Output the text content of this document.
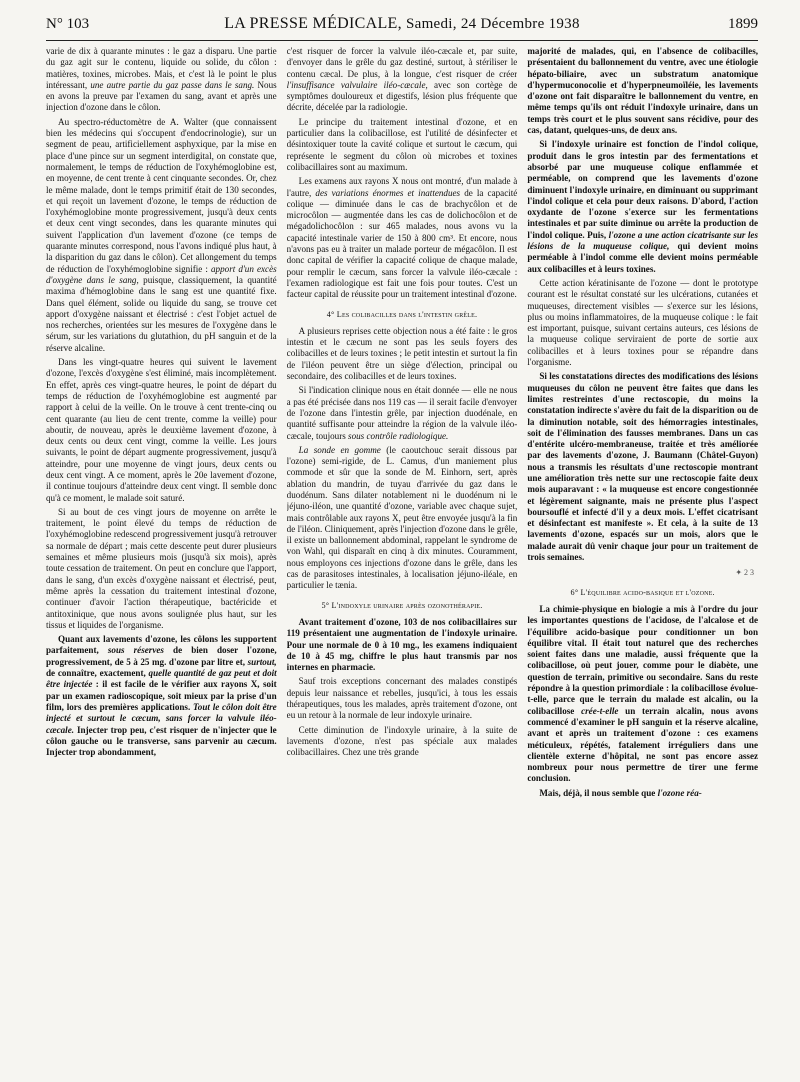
N° 103	LA PRESSE MÉDICALE, Samedi, 24 Décembre 1938	1899

varie de dix à quarante minutes : le gaz a disparu. Une partie du gaz agit sur le contenu, liquide ou solide, du côlon : matières, toxines, microbes. Mais, et c'est là le point le plus intéressant, une autre partie du gaz passe dans le sang. Nous en avons la preuve par l'examen du sang, avant et après une injection d'ozone dans le côlon.

Au spectro-réductomètre de A. Walter (que connaissent bien les médecins qui s'occupent d'endocrinologie), sur un segment de peau, artificiellement asphyxique, par la mise en place d'une pince sur un segment interdigital, on constate que, normalement, le temps de réduction de l'oxyhémoglobine est, en moyenne, de cent trente à cent cinquante secondes. Or, chez le même malade, dont le temps primitif était de 130 secondes, et qui reçoit un lavement d'ozone, le temps de réduction de l'oxyhémoglobine monte progressivement, jusqu'à deux cents et deux cent vingt secondes, dans les quarante minutes qui suivent l'application d'un lavement d'ozone (ce temps de quarante minutes correspond, nous l'avons indiqué plus haut, à la disparition du gaz dans le côlon). Cet allongement du temps de réduction de l'oxyhémoglobine signifie : apport d'un excès d'oxygène dans le sang, puisque, classiquement, la quantité maxima d'hémoglobine dans le sang est une quantité fixe. Dans quel élément, solide ou liquide du sang, se trouve cet apport d'oxygène naissant et électrisé : c'est l'objet actuel de nos recherches, orientées sur les mesures de l'oxygène dans le sérum, sur les variations du glutathion, du pH sanguin et de la réserve alcaline.

Dans les vingt-quatre heures qui suivent le lavement d'ozone, l'excès d'oxygène s'est éliminé, mais incomplètement. En effet, après ces vingt-quatre heures, le point de départ du temps de réduction de l'oxyhémoglobine est augmenté par rapport à celui de la veille. On le trouve à cent trente-cinq ou cent quarante (au lieu de cent trente, comme la veille) pour aboutir, de nouveau, après le deuxième lavement d'ozone, à deux cents ou deux cent vingt, comme la veille. Les jours suivants, le point de départ augmente progressivement, jusqu'à atteindre, pour une moyenne de vingt jours, deux cents ou deux cent vingt. A ce moment, après le 20e lavement d'ozone, il continue toujours d'atteindre deux cent vingt. Il semble donc qu'à ce moment, le malade soit saturé.

Si au bout de ces vingt jours de moyenne on arrête le traitement, le point élevé du temps de réduction de l'oxyhémoglobine redescend progressivement jusqu'à retrouver sa normale de départ ; mais cette descente peut durer plusieurs semaines et même plusieurs mois (jusqu'à six mois), après toute cessation de traitement. On peut en conclure que l'apport, dans le sang, d'un excès d'oxygène naissant et électrisé, peut, même après la cessation du traitement intestinal d'ozone, continuer d'avoir l'action thérapeutique, bactéricide et antitoxinique, que nous avons soulignée plus haut, sur les tissus et liquides de l'organisme.

Quant aux lavements d'ozone, les côlons les supportent parfaitement, sous réserves de bien doser l'ozone, progressivement, de 5 à 25 mg. d'ozone par litre et, surtout, de connaître, exactement, quelle quantité de gaz peut et doit être injectée : il est facile de le vérifier aux rayons X, soit par un examen radioscopique, soit mieux par la prise d'un film, lors des premières applications. Tout le côlon doit être injecté et surtout le cæcum, sans forcer la valvule iléo-cæcale. Injecter trop peu, c'est risquer de n'injecter que le côlon gauche ou le transverse, sans parvenir au cæcum. Injecter trop abondamment,

c'est risquer de forcer la valvule iléo-cæcale et, par suite, d'envoyer dans le grêle du gaz destiné, surtout, à stériliser le contenu cæcal. De plus, à la longue, c'est risquer de créer l'insuffisance valvulaire iléo-cæcale, avec son cortège de symptômes douloureux et digestifs, lésion plus fréquente que décrite, décelée par la radiologie.

Le principe du traitement intestinal d'ozone, et en particulier dans la colibacillose, est l'utilité de désinfecter et désintoxiquer toute la cavité colique et surtout le cæcum, qui représente le segment du côlon où microbes et toxines colibacillaires sont au maximum.

Les examens aux rayons X nous ont montré, d'un malade à l'autre, des variations énormes et inattendues de la capacité colique — diminuée dans le cas de brachycôlon et de microcôlon — augmentée dans les cas de dolichocôlon et de mégadolichocôlon : sur 465 malades, nous avons vu la capacité intestinale varier de 150 à 800 cm³. Et encore, nous n'avons pas eu à traiter un malade porteur de mégacôlon. Il est donc capital de vérifier la capacité colique de chaque malade, pour remplir le cæcum, sans forcer la valvule iléo-cæcale : l'examen radiologique est fait une fois pour toutes. C'est un facteur capital de réussite pour un traitement intestinal d'ozone.

4° Les colibacilles dans l'intestin grêle.

A plusieurs reprises cette objection nous a été faite : le gros intestin et le cæcum ne sont pas les seuls foyers des colibacilles et de leurs toxines ; le petit intestin et surtout la fin de l'iléon peuvent être un siège d'élection, principal ou secondaire, des colibacilles et de leurs toxines.

Si l'indication clinique nous en était donnée — elle ne nous a pas été précisée dans nos 119 cas — il serait facile d'envoyer de l'ozone dans l'intestin grêle, par injection duodénale, en quantité suffisante pour atteindre la région de la valvule iléo-cæcale, toujours sous contrôle radiologique.

La sonde en gomme (le caoutchouc serait dissous par l'ozone) semi-rigide, de L. Camus, d'un maniement plus commode et sûr que la sonde de M. Einhorn, sert, après ablation du mandrin, de tuyau d'arrivée du gaz dans le duodénum. Sans dilater notablement ni le duodénum ni le jéjuno-iléon, une quantité d'ozone, variable avec chaque sujet, mais contrôlable aux rayons X, peut être envoyée jusqu'à la fin de l'iléon. Cliniquement, après l'injection d'ozone dans le grêle, il existe un ballonnement abdominal, rappelant le syndrome de von Wahl, qui disparaît en cinq à dix minutes. Couramment, nous employons ces injections d'ozone dans le grêle, dans les cas de parasitoses intestinales, à localisation jéjuno-iléale, en particulier le tænia.

5° L'indoxyle urinaire après ozonothérapie.

Avant traitement d'ozone, 103 de nos colibacillaires sur 119 présentaient une augmentation de l'indoxyle urinaire. Pour une normale de 0 à 10 mg., les examens indiquaient de 10 à 45 mg, chiffre le plus haut transmis par nos internes en pharmacie.

Sauf trois exceptions concernant des malades constipés depuis leur naissance et rebelles, jusqu'ici, à tous les essais thérapeutiques, tous les malades, après traitement d'ozone, ont eu un retour à la normale de leur indoxyle urinaire.

Cette diminution de l'indoxyle urinaire, à la suite de lavements d'ozone, n'est pas spéciale aux malades colibacillaires. Chez une très grande

majorité de malades, qui, en l'absence de colibacilles, présentaient du ballonnement du ventre, avec une étiologie hépato-biliaire, avec un substratum anatomique d'hypermuconocolie et d'hyperpneumoïléie, les lavements d'ozone ont fait disparaître le ballonnement du ventre, en même temps qu'ils ont réduit l'indoxyle urinaire, dans un temps très court et le plus souvent sans récidive, pour des cas, datant, quelques-uns, de deux ans.

Si l'indoxyle urinaire est fonction de l'indol colique, produit dans le gros intestin par des fermentations et absorbé par une muqueuse colique enflammée et perméable, on comprend que les lavements d'ozone diminuent l'indoxyle urinaire, en diminuant ou supprimant l'indol colique et cela pour deux raisons. D'abord, l'action oxydante de l'ozone s'exerce sur les fermentations intestinales et par suite diminue ou arrête la production de l'indol colique. Puis, l'ozone a une action cicatrisante sur les lésions de la muqueuse colique, qui devient moins perméable à l'indol comme elle devient moins perméable aux colibacilles et à leurs toxines.

Cette action kératinisante de l'ozone — dont le prototype courant est le résultat constaté sur les ulcérations, cutanées et muqueuses, directement visibles — s'exerce sur les lésions, plus ou moins inflammatoires, de la muqueuse colique : le fait est important, puisque, suivant certains auteurs, ces lésions de la muqueuse colique serviraient de porte de sortie aux colibacilles et à leurs toxines pour se répandre dans l'organisme.

Si les constatations directes des modifications des lésions muqueuses du côlon ne peuvent être faites que dans les limites restreintes d'une rectoscopie, du moins la constatation indirecte s'avère du fait de la disparition ou de la diminution notable, soit des hémorragies intestinales, soit de l'élimination des fausses membranes. Dans un cas d'entérite ulcéro-membraneuse, traitée et très améliorée par des lavements d'ozone, J. Baumann (Châtel-Guyon) nous a transmis les résultats d'une rectoscopie montrant une amélioration très nette sur une rectoscopie faite deux mois auparavant : « la muqueuse est encore congestionnée et légèrement saignante, mais ne présente plus l'aspect boursouflé et infecté d'il y a deux mois. L'effet cicatrisant et désinfectant est manifeste ». Et cela, à la suite de 13 lavements d'ozone, espacés sur un mois, alors que le malade aurait dû venir chaque jour pour un traitement de trois semaines.

✦ 2 3
6° L'équilibre acido-basique et l'ozone.

La chimie-physique en biologie a mis à l'ordre du jour les importantes questions de l'acidose, de l'alcalose et de l'équilibre acido-basique pour conditionner un bon équilibre vital. Il était tout naturel que des recherches soient faites dans une maladie, aussi fréquente que la colibacillose, où peut jouer, comme pour le diabète, une question de terrain, primitive ou secondaire. Sans du reste répondre à la question primordiale : la colibacillose évolue-t-elle, parce que le terrain du malade est alcalin, ou la colibacillose crée-t-elle un terrain alcalin, nous avons commencé d'examiner le pH sanguin et la réserve alcaline, avant et après un traitement d'ozone : ces examens méticuleux, répétés, fatalement irréguliers dans une clientèle externe d'hôpital, ne sont pas encore assez nombreux pour nous permettre de tirer une ferme conclusion.

Mais, déjà, il nous semble que l'ozone réa-
